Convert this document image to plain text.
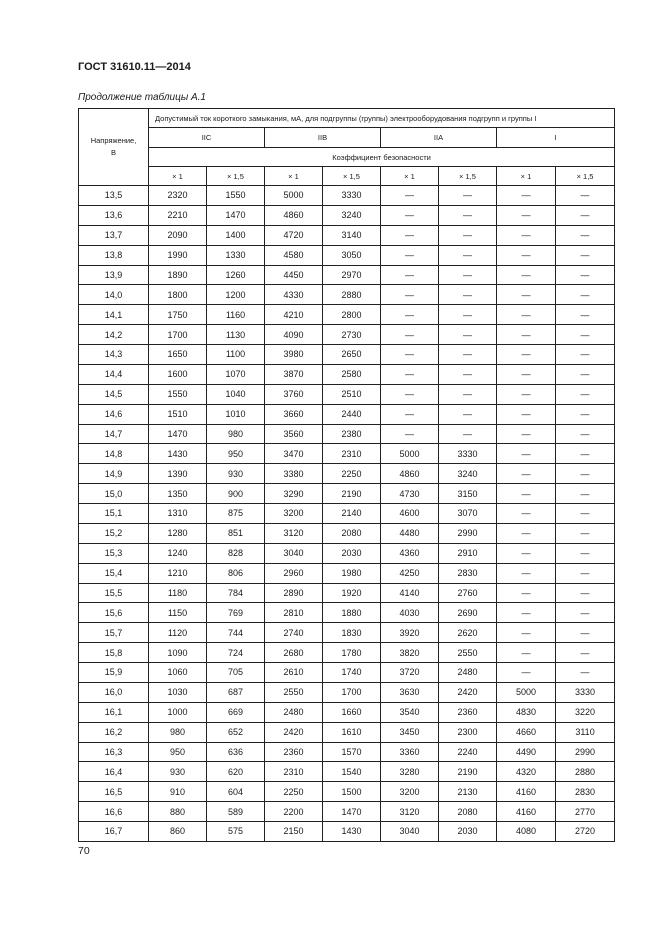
ГОСТ 31610.11—2014
Продолжение таблицы А.1
Напряжение,
В	Допустимый ток короткого замыкания, мА, для подгруппы (группы) электрооборудования подгрупп и группы I							
	IIC		IIB		IIA		I	
	Коэффициент безопасности							
	× 1	× 1,5	× 1	× 1,5	× 1	× 1,5	× 1	× 1,5
13,5	2320	1550	5000	3330	—	—	—	—
13,6	2210	1470	4860	3240	—	—	—	—
13,7	2090	1400	4720	3140	—	—	—	—
13,8	1990	1330	4580	3050	—	—	—	—
13,9	1890	1260	4450	2970	—	—	—	—
14,0	1800	1200	4330	2880	—	—	—	—
14,1	1750	1160	4210	2800	—	—	—	—
14,2	1700	1130	4090	2730	—	—	—	—
14,3	1650	1100	3980	2650	—	—	—	—
14,4	1600	1070	3870	2580	—	—	—	—
14,5	1550	1040	3760	2510	—	—	—	—
14,6	1510	1010	3660	2440	—	—	—	—
14,7	1470	980	3560	2380	—	—	—	—
14,8	1430	950	3470	2310	5000	3330	—	—
14,9	1390	930	3380	2250	4860	3240	—	—
15,0	1350	900	3290	2190	4730	3150	—	—
15,1	1310	875	3200	2140	4600	3070	—	—
15,2	1280	851	3120	2080	4480	2990	—	—
15,3	1240	828	3040	2030	4360	2910	—	—
15,4	1210	806	2960	1980	4250	2830	—	—
15,5	1180	784	2890	1920	4140	2760	—	—
15,6	1150	769	2810	1880	4030	2690	—	—
15,7	1120	744	2740	1830	3920	2620	—	—
15,8	1090	724	2680	1780	3820	2550	—	—
15,9	1060	705	2610	1740	3720	2480	—	—
16,0	1030	687	2550	1700	3630	2420	5000	3330
16,1	1000	669	2480	1660	3540	2360	4830	3220
16,2	980	652	2420	1610	3450	2300	4660	3110
16,3	950	636	2360	1570	3360	2240	4490	2990
16,4	930	620	2310	1540	3280	2190	4320	2880
16,5	910	604	2250	1500	3200	2130	4160	2830
16,6	880	589	2200	1470	3120	2080	4160	2770
16,7	860	575	2150	1430	3040	2030	4080	2720
70
